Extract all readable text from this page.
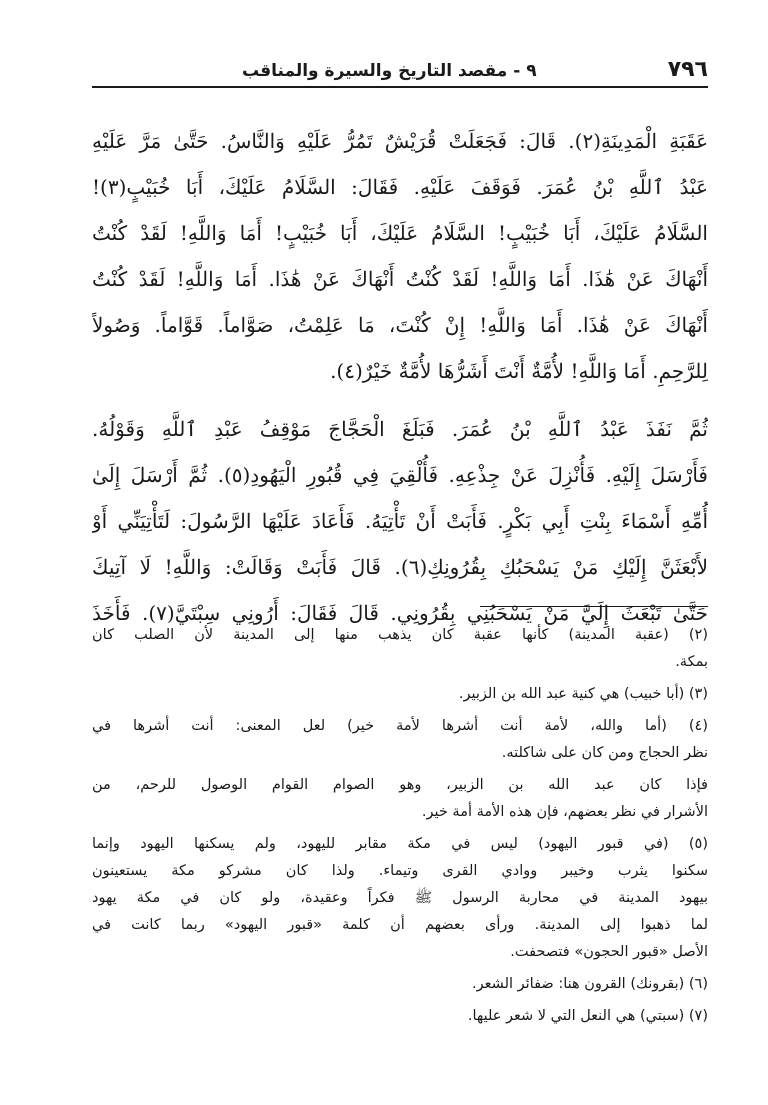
٩ - مقصد التاريخ والسيرة والمناقب	٧٩٦

عَقَبَةِ الْمَدِينَةِ(٢). قَالَ: فَجَعَلَتْ قُرَيْشٌ تَمُرُّ عَلَيْهِ وَالنَّاسُ. حَتَّىٰ مَرَّ عَلَيْهِ
عَبْدُ ٱللَّهِ بْنُ عُمَرَ. فَوَقَفَ عَلَيْهِ. فَقَالَ: السَّلَامُ عَلَيْكَ، أَبَا خُبَيْبٍ(٣)!
السَّلَامُ عَلَيْكَ، أَبَا خُبَيْبٍ! السَّلَامُ عَلَيْكَ، أَبَا خُبَيْبٍ! أَمَا وَاللَّهِ! لَقَدْ كُنْتُ
أَنْهَاكَ عَنْ هَٰذَا. أَمَا وَاللَّهِ! لَقَدْ كُنْتُ أَنْهَاكَ عَنْ هَٰذَا. أَمَا وَاللَّهِ! لَقَدْ كُنْتُ
أَنْهَاكَ عَنْ هَٰذَا. أَمَا وَاللَّهِ! إِنْ كُنْتَ، مَا عَلِمْتُ، صَوَّاماً. قَوَّاماً. وَصُولاً
لِلرَّحِمِ. أَمَا وَاللَّهِ! لأُمَّةٌ أَنْتَ أَشَرُّهَا لأُمَّةٌ خَيْرٌ(٤).

ثُمَّ نَفَذَ عَبْدُ ٱللَّهِ بْنُ عُمَرَ. فَبَلَغَ الْحَجَّاجَ مَوْقِفُ عَبْدِ ٱللَّهِ وَقَوْلُهُ.
فَأَرْسَلَ إِلَيْهِ. فَأُنْزِلَ عَنْ جِذْعِهِ. فَأُلْقِيَ فِي قُبُورِ الْيَهُودِ(٥). ثُمَّ أَرْسَلَ إِلَىٰ
أُمِّهِ أَسْمَاءَ بِنْتِ أَبِي بَكْرٍ. فَأَبَتْ أَنْ تَأْتِيَهُ. فَأَعَادَ عَلَيْهَا الرَّسُولَ: لَتَأْتِيَنِّي أَوْ
لأَبْعَثَنَّ إِلَيْكِ مَنْ يَسْحَبُكِ بِقُرُونِكِ(٦). قَالَ فَأَبَتْ وَقَالَتْ: وَاللَّهِ! لَا آتِيكَ
حَتَّىٰ تَبْعَثَ إِلَيَّ مَنْ يَسْحَبُنِي بِقُرُونِي. قَالَ فَقَالَ: أَرُونِي سِبْتَيَّ(٧). فَأَخَذَ

(٢) (عقبة المدينة) كأنها عقبة كان يذهب منها إلى المدينة لأن الصلب كان
بمكة.

(٣) (أبا خبيب) هي كنية عبد الله بن الزبير.

(٤) (أما والله، لأمة أنت أشرها لأمة خير) لعل المعنى: أنت أشرها في
نظر الحجاج ومن كان على شاكلته.

فإذا كان عبد الله بن الزبير، وهو الصوام القوام الوصول للرحم، من
الأشرار في نظر بعضهم، فإن هذه الأمة أمة خير.

(٥) (في قبور اليهود) ليس في مكة مقابر لليهود، ولم يسكنها اليهود وإنما
سكنوا يثرب وخيبر ووادي القرى وتيماء. ولذا كان مشركو مكة يستعينون
بيهود المدينة في محاربة الرسول ﷺ فكراً وعقيدة، ولو كان في مكة يهود
لما ذهبوا إلى المدينة. ورأى بعضهم أن كلمة «قبور اليهود» ربما كانت في
الأصل «قبور الحجون» فتصحفت.

(٦) (بقرونك) القرون هنا: ضفائر الشعر.

(٧) (سبتي) هي النعل التي لا شعر عليها.
